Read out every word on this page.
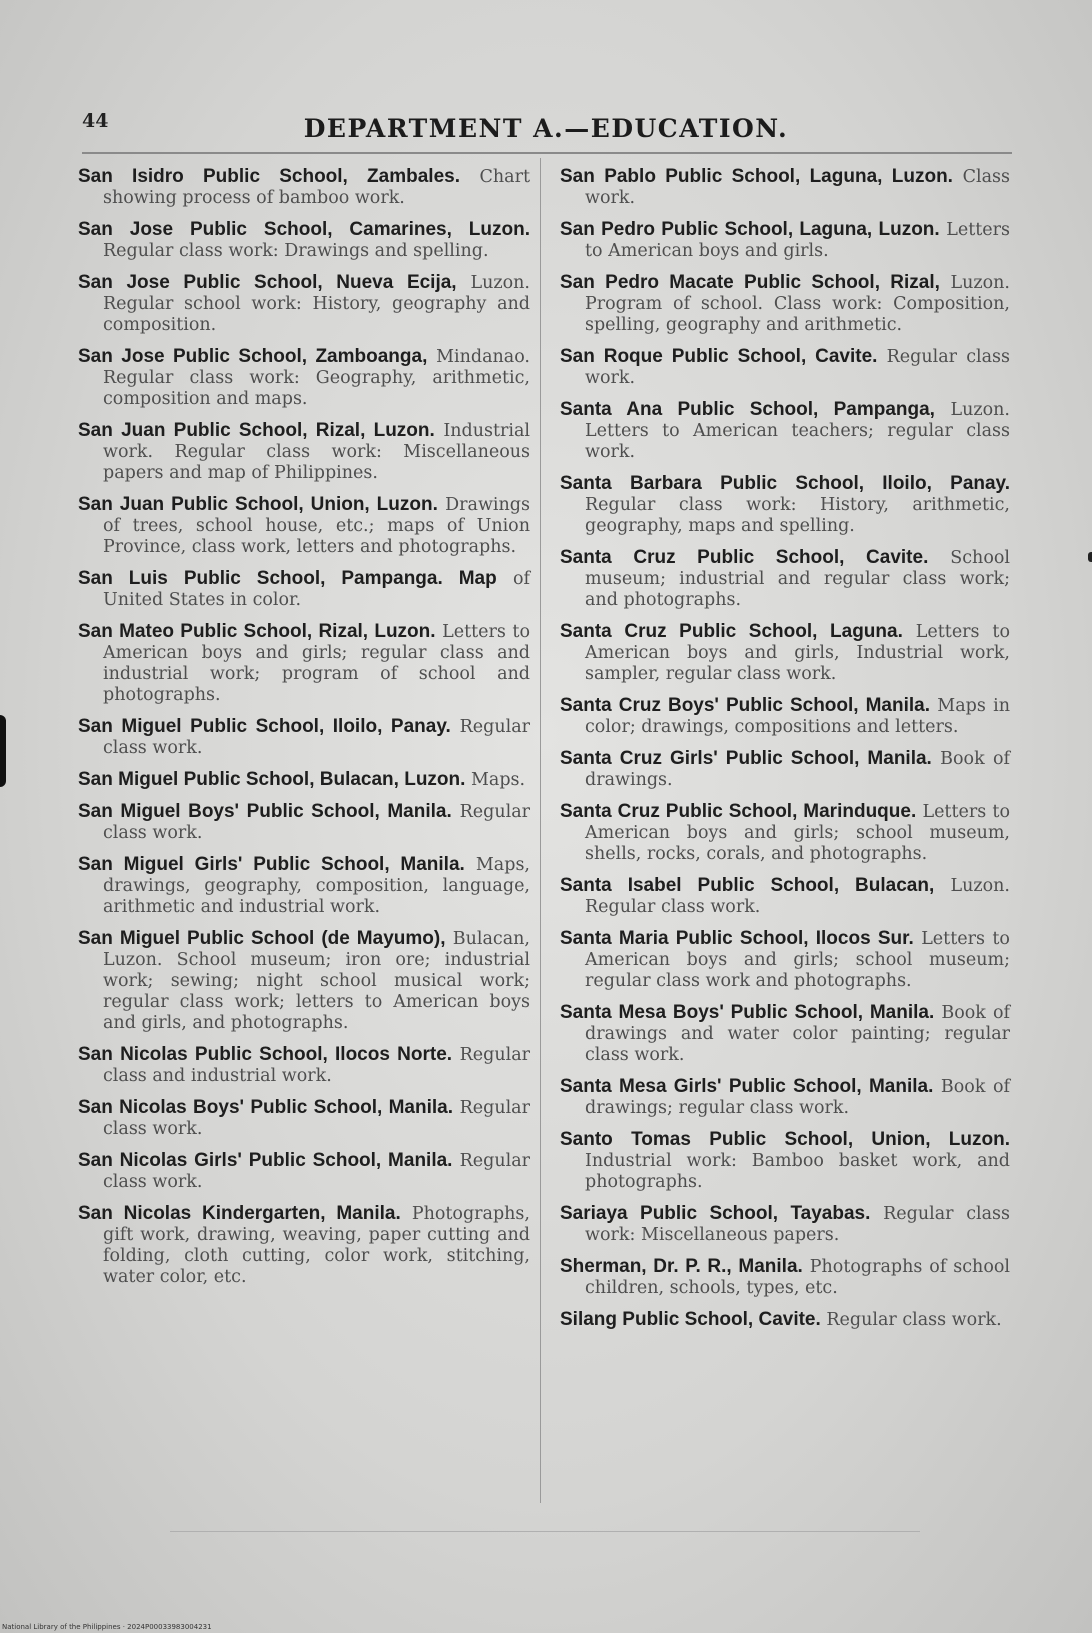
44	DEPARTMENT A.—EDUCATION.

San Isidro Public School, Zambales. Chart showing process of bamboo work.

San Jose Public School, Camarines, Luzon. Regular class work: Drawings and spelling.

San Jose Public School, Nueva Ecija, Luzon. Regular school work: History, geography and composition.

San Jose Public School, Zamboanga, Mindanao. Regular class work: Geography, arithmetic, composition and maps.

San Juan Public School, Rizal, Luzon. Industrial work. Regular class work: Miscellaneous papers and map of Philippines.

San Juan Public School, Union, Luzon. Drawings of trees, school house, etc.; maps of Union Province, class work, letters and photographs.

San Luis Public School, Pampanga. Map of United States in color.

San Mateo Public School, Rizal, Luzon. Letters to American boys and girls; regular class and industrial work; program of school and photographs.

San Miguel Public School, Iloilo, Panay. Regular class work.

San Miguel Public School, Bulacan, Luzon. Maps.

San Miguel Boys' Public School, Manila. Regular class work.

San Miguel Girls' Public School, Manila. Maps, drawings, geography, composition, language, arithmetic and industrial work.

San Miguel Public School (de Mayumo), Bulacan, Luzon. School museum; iron ore; industrial work; sewing; night school musical work; regular class work; letters to American boys and girls, and photographs.

San Nicolas Public School, Ilocos Norte. Regular class and industrial work.

San Nicolas Boys' Public School, Manila. Regular class work.

San Nicolas Girls' Public School, Manila. Regular class work.

San Nicolas Kindergarten, Manila. Photographs, gift work, drawing, weaving, paper cutting and folding, cloth cutting, color work, stitching, water color, etc.

San Pablo Public School, Laguna, Luzon. Class work.

San Pedro Public School, Laguna, Luzon. Letters to American boys and girls.

San Pedro Macate Public School, Rizal, Luzon. Program of school. Class work: Composition, spelling, geography and arithmetic.

San Roque Public School, Cavite. Regular class work.

Santa Ana Public School, Pampanga, Luzon. Letters to American teachers; regular class work.

Santa Barbara Public School, Iloilo, Panay. Regular class work: History, arithmetic, geography, maps and spelling.

Santa Cruz Public School, Cavite. School museum; industrial and regular class work; and photographs.

Santa Cruz Public School, Laguna. Letters to American boys and girls, Industrial work, sampler, regular class work.

Santa Cruz Boys' Public School, Manila. Maps in color; drawings, compositions and letters.

Santa Cruz Girls' Public School, Manila. Book of drawings.

Santa Cruz Public School, Marinduque. Letters to American boys and girls; school museum, shells, rocks, corals, and photographs.

Santa Isabel Public School, Bulacan, Luzon. Regular class work.

Santa Maria Public School, Ilocos Sur. Letters to American boys and girls; school museum; regular class work and photographs.

Santa Mesa Boys' Public School, Manila. Book of drawings and water color painting; regular class work.

Santa Mesa Girls' Public School, Manila. Book of drawings; regular class work.

Santo Tomas Public School, Union, Luzon. Industrial work: Bamboo basket work, and photographs.

Sariaya Public School, Tayabas. Regular class work: Miscellaneous papers.

Sherman, Dr. P. R., Manila. Photographs of school children, schools, types, etc.

Silang Public School, Cavite. Regular class work.

National Library of the Philippines · 2024P00033983004231
